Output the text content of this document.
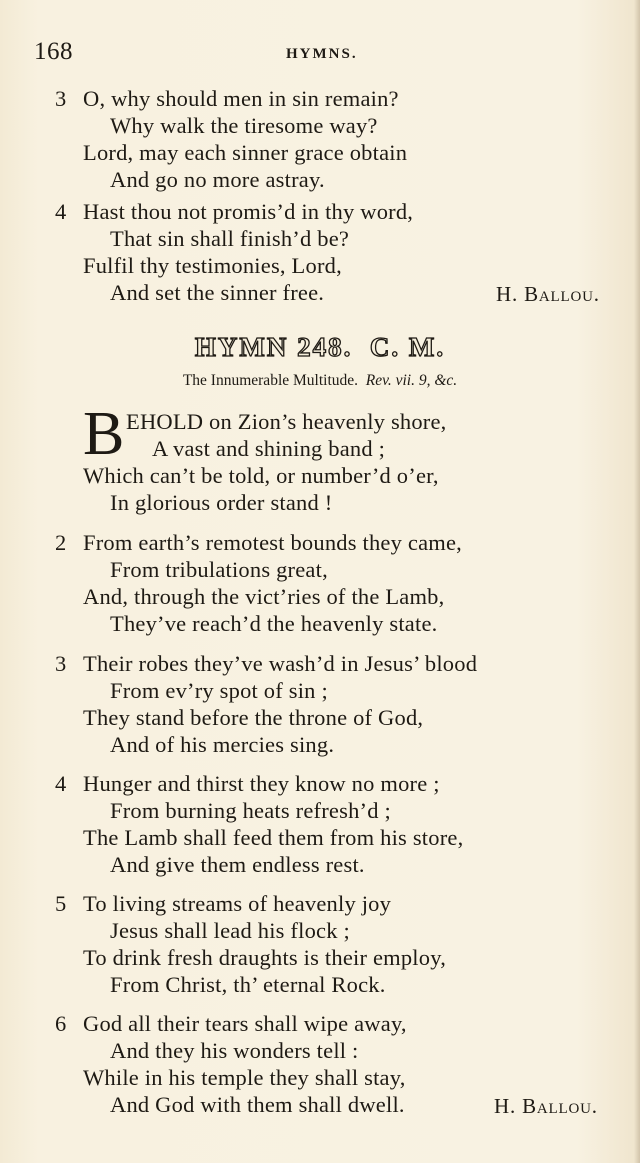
168	HYMNS.
3 O, why should men in sin remain?
Why walk the tiresome way?
Lord, may each sinner grace obtain
And go no more astray.
4 Hast thou not promis’d in thy word,
That sin shall finish’d be?
Fulfil thy testimonies, Lord,
And set the sinner free.	H. Ballou.
HYMN 248. C. M.
The Innumerable Multitude. Rev. vii. 9, &c.
B EHOLD on Zion’s heavenly shore,
A vast and shining band ;
Which can’t be told, or number’d o’er,
In glorious order stand !
2 From earth’s remotest bounds they came,
From tribulations great,
And, through the vict’ries of the Lamb,
They’ve reach’d the heavenly state.
3 Their robes they’ve wash’d in Jesus’ blood
From ev’ry spot of sin ;
They stand before the throne of God,
And of his mercies sing.
4 Hunger and thirst they know no more ;
From burning heats refresh’d ;
The Lamb shall feed them from his store,
And give them endless rest.
5 To living streams of heavenly joy
Jesus shall lead his flock ;
To drink fresh draughts is their employ,
From Christ, th’ eternal Rock.
6 God all their tears shall wipe away,
And they his wonders tell :
While in his temple they shall stay,
And God with them shall dwell.	H. Ballou.
